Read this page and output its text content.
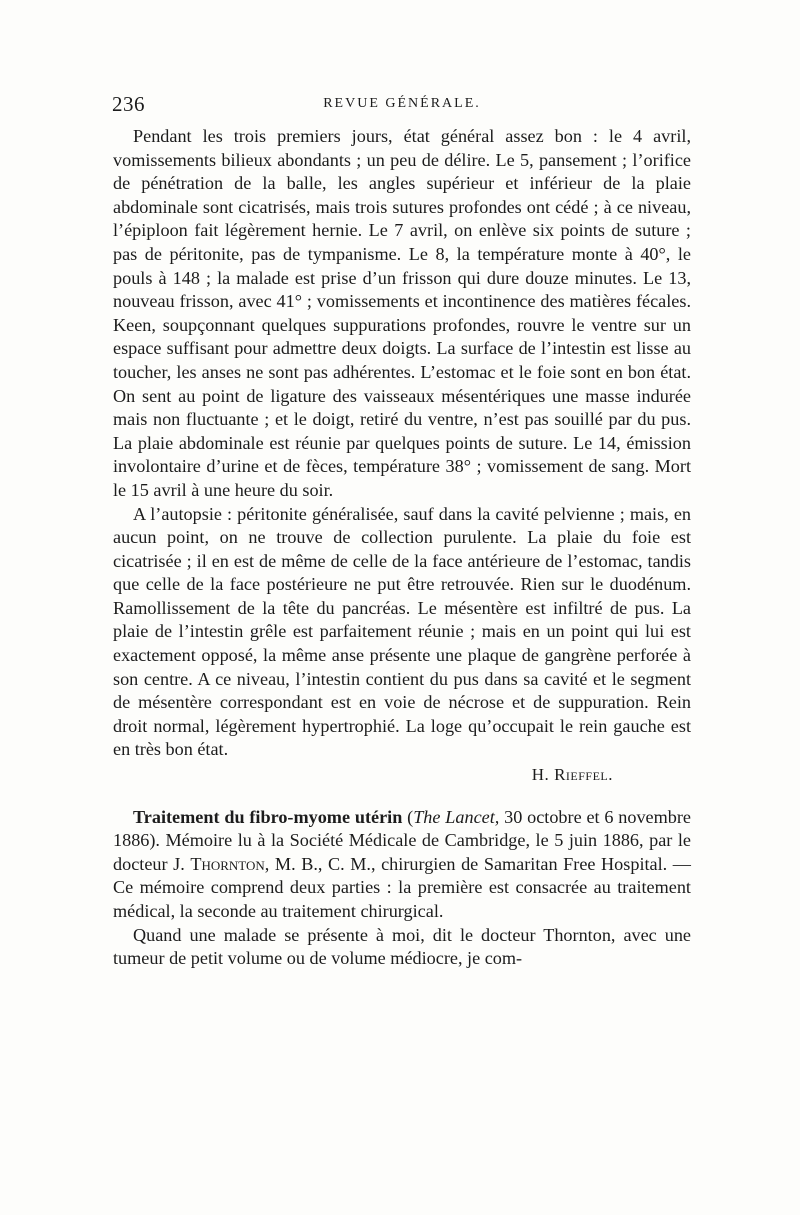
236	REVUE GÉNÉRALE.

Pendant les trois premiers jours, état général assez bon : le 4 avril, vomissements bilieux abondants ; un peu de délire. Le 5, pansement ; l’orifice de pénétration de la balle, les angles supérieur et inférieur de la plaie abdominale sont cicatrisés, mais trois sutures profondes ont cédé ; à ce niveau, l’épiploon fait légèrement hernie. Le 7 avril, on enlève six points de suture ; pas de péritonite, pas de tympanisme. Le 8, la température monte à 40°, le pouls à 148 ; la malade est prise d’un frisson qui dure douze minutes. Le 13, nouveau frisson, avec 41° ; vomissements et incontinence des matières fécales. Keen, soupçonnant quelques suppurations profondes, rouvre le ventre sur un espace suffisant pour admettre deux doigts. La surface de l’intestin est lisse au toucher, les anses ne sont pas adhérentes. L’estomac et le foie sont en bon état. On sent au point de ligature des vaisseaux mésentériques une masse indurée mais non fluctuante ; et le doigt, retiré du ventre, n’est pas souillé par du pus. La plaie abdominale est réunie par quelques points de suture. Le 14, émission involontaire d’urine et de fèces, température 38° ; vomissement de sang. Mort le 15 avril à une heure du soir.

A l’autopsie : péritonite généralisée, sauf dans la cavité pelvienne ; mais, en aucun point, on ne trouve de collection purulente. La plaie du foie est cicatrisée ; il en est de même de celle de la face antérieure de l’estomac, tandis que celle de la face postérieure ne put être retrouvée. Rien sur le duodénum. Ramollissement de la tête du pancréas. Le mésentère est infiltré de pus. La plaie de l’intestin grêle est parfaitement réunie ; mais en un point qui lui est exactement opposé, la même anse présente une plaque de gangrène perforée à son centre. A ce niveau, l’intestin contient du pus dans sa cavité et le segment de mésentère correspondant est en voie de nécrose et de suppuration. Rein droit normal, légèrement hypertrophié. La loge qu’occupait le rein gauche est en très bon état.

H. Rieffel.

Traitement du fibro-myome utérin (The Lancet, 30 octobre et 6 novembre 1886). Mémoire lu à la Société Médicale de Cambridge, le 5 juin 1886, par le docteur J. Thornton, M. B., C. M., chirurgien de Samaritan Free Hospital. — Ce mémoire comprend deux parties : la première est consacrée au traitement médical, la seconde au traitement chirurgical.

Quand une malade se présente à moi, dit le docteur Thornton, avec une tumeur de petit volume ou de volume médiocre, je com-
